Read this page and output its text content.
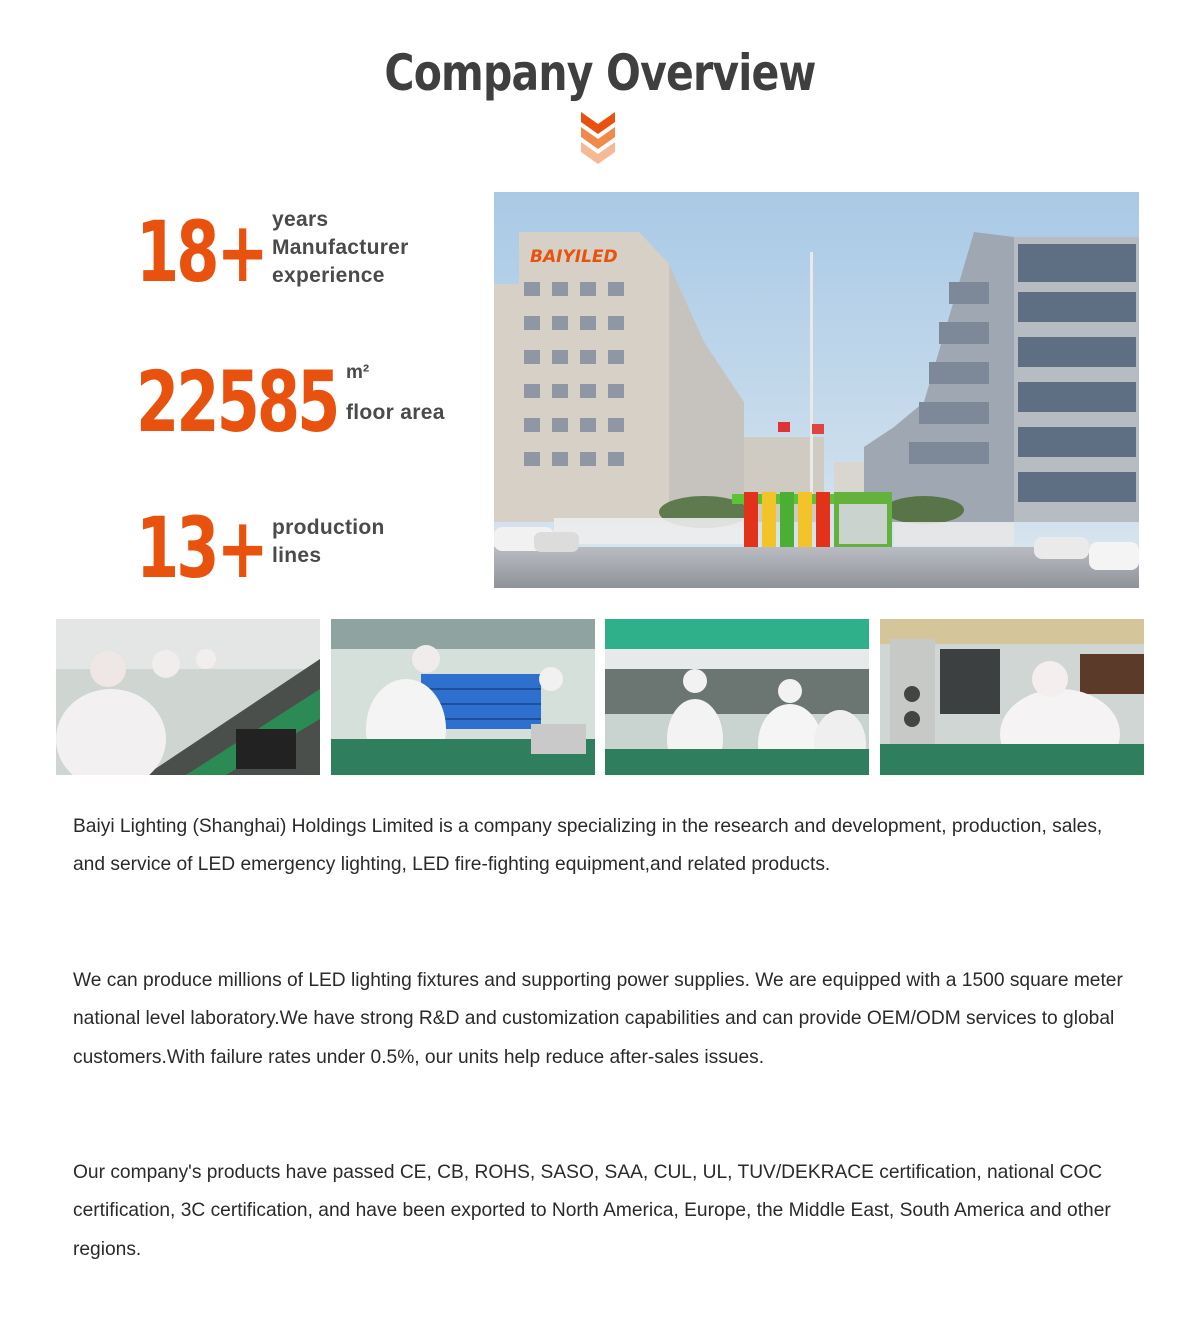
Company Overview
18+ years Manufacturer experience
22585 m²
floor area
13+ production lines
BAIYILED

Baiyi Lighting (Shanghai) Holdings Limited is a company specializing in the research and development, production, sales, and service of LED emergency lighting, LED fire-fighting equipment,and related products.

We can produce millions of LED lighting fixtures and supporting power supplies. We are equipped with a 1500 square meter national level laboratory.We have strong R&D and customization capabilities and can provide OEM/ODM services to global customers.With failure rates under 0.5%, our units help reduce after-sales issues.

Our company's products have passed CE, CB, ROHS, SASO, SAA, CUL, UL, TUV/DEKRACE certification, national COC certification, 3C certification, and have been exported to North America, Europe, the Middle East, South America and other regions.
